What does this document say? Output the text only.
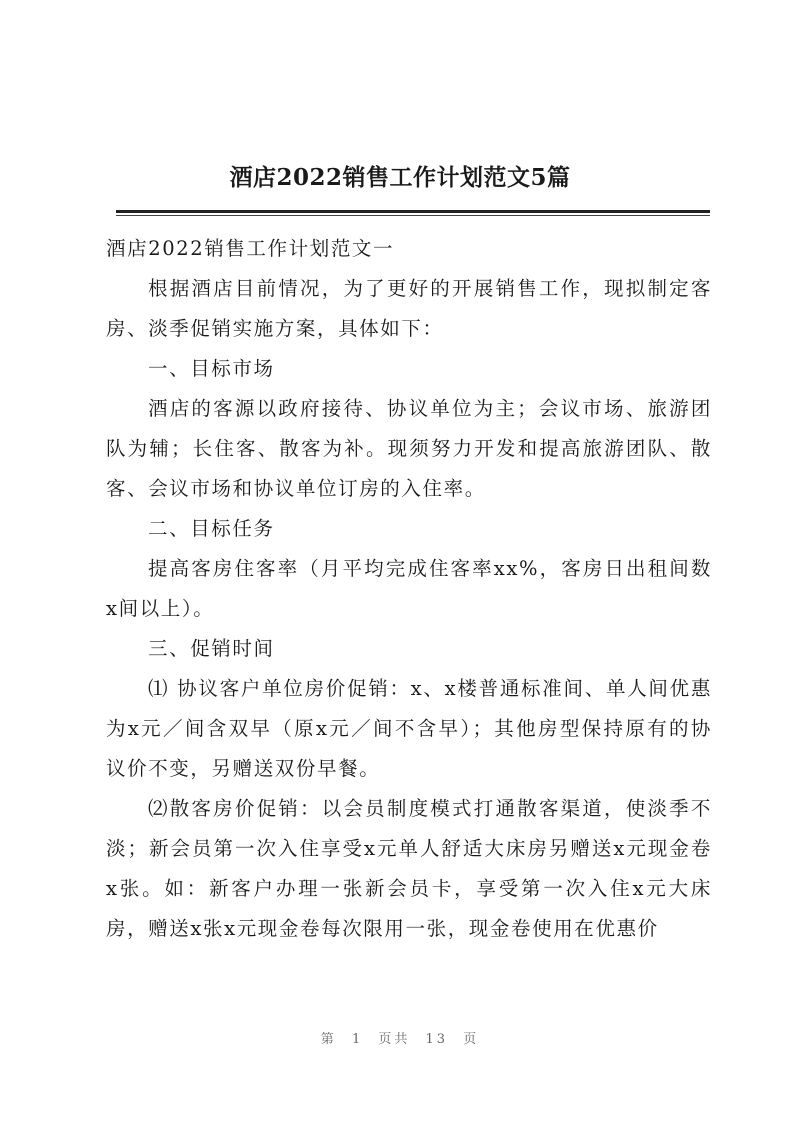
酒店2022销售工作计划范文5篇

酒店2022销售工作计划范文一

根据酒店目前情况，为了更好的开展销售工作，现拟制定客房、淡季促销实施方案，具体如下：

一、目标市场

酒店的客源以政府接待、协议单位为主；会议市场、旅游团队为辅；长住客、散客为补。现须努力开发和提高旅游团队、散客、会议市场和协议单位订房的入住率。

二、目标任务

提高客房住客率（月平均完成住客率xx%，客房日出租间数x间以上）。

三、促销时间

⑴ 协议客户单位房价促销：x、x楼普通标准间、单人间优惠为x元／间含双早（原x元／间不含早）；其他房型保持原有的协议价不变，另赠送双份早餐。

⑵散客房价促销：以会员制度模式打通散客渠道，使淡季不淡；新会员第一次入住享受x元单人舒适大床房另赠送x元现金卷x张。如：新客户办理一张新会员卡，享受第一次入住x元大床房，赠送x张x元现金卷每次限用一张，现金卷使用在优惠价

第 1 页共 13 页
